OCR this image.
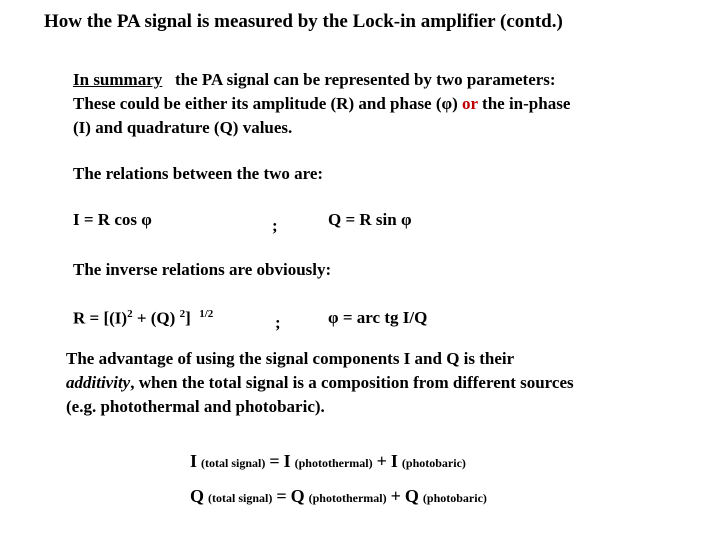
How the PA signal is measured by the Lock-in amplifier (contd.)
In summary the PA signal can be represented by two parameters:
These could be either its amplitude (R) and phase (φ) or the in-phase
(I) and quadrature (Q) values.
The relations between the two are:
I = R cos φ	;	Q = R sin φ
The inverse relations are obviously:
$R = [(I)^2 + (Q)$ $^2$] $^{1/2}$	;	φ = arc tg I/Q

The advantage of using the signal components I and Q is their

additivity, when the total signal is a composition from different sources

(e.g. photothermal and photobaric).

I (total signal) = I (photothermal) + I (photobaric)
Q (total signal) = Q (photothermal) + Q (photobaric)
